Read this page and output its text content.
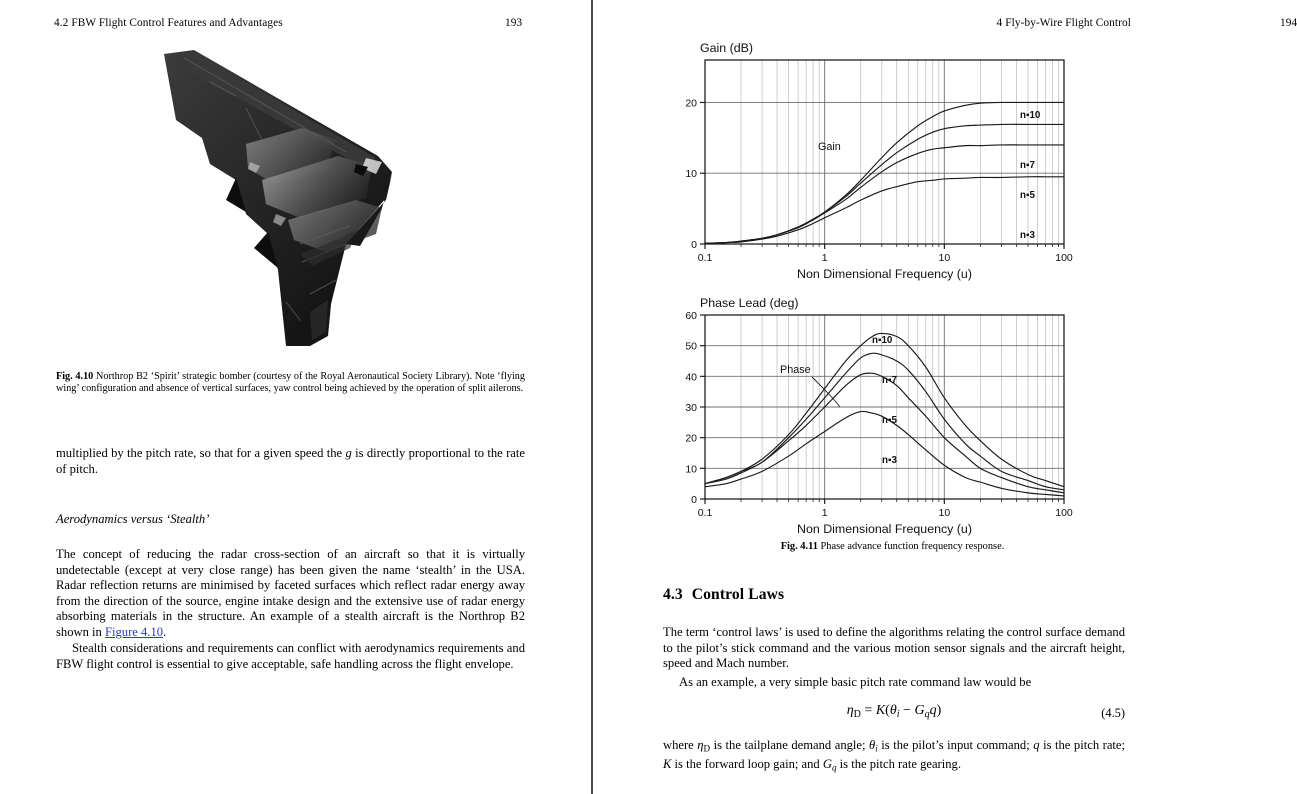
4.2 FBW Flight Control Features and Advantages	193
Fig. 4.10 Northrop B2 ‘Spirit’ strategic bomber (courtesy of the Royal Aeronautical Society Library). Note ‘flying wing’ configuration and absence of vertical surfaces, yaw control being achieved by the operation of split ailerons.
multiplied by the pitch rate, so that for a given speed the g is directly proportional to the rate of pitch.
Aerodynamics versus ‘Stealth’
The concept of reducing the radar cross-section of an aircraft so that it is virtually undetectable (except at very close range) has been given the name ‘stealth’ in the USA. Radar reflection returns are minimised by faceted surfaces which reflect radar energy away from the direction of the source, engine intake design and the extensive use of radar energy absorbing materials in the structure. An example of a stealth aircraft is the Northrop B2 shown in Figure 4.10.
Stealth considerations and requirements can conflict with aerodynamics requirements and FBW flight control is essential to give acceptable, safe handling across the flight envelope.
194
4 Fly-by-Wire Flight Control
0
10
20
0.1	1	10	100
Gain (dB)
Non Dimensional Frequency (u)
n▪10
n▪7
n▪5
n▪3
Gain
0
10
20
30
40
50
60
0.1	1	10	100
Phase Lead (deg)
Non Dimensional Frequency (u)
n▪10
n▪7
n▪5
n▪3
Phase
Fig. 4.11 Phase advance function frequency response.
4.3 Control Laws
The term ‘control laws’ is used to define the algorithms relating the control surface demand to the pilot’s stick command and the various motion sensor signals and the aircraft height, speed and Mach number.
As an example, a very simple basic pitch rate command law would be
$\eta_D = K(\theta_i - G_qq)$	(4.5)
where $\eta_D$ is the tailplane demand angle; $\theta_i$ is the pilot’s input command; q is the pitch rate; K is the forward loop gain; and $G_q$ is the pitch rate gearing.
